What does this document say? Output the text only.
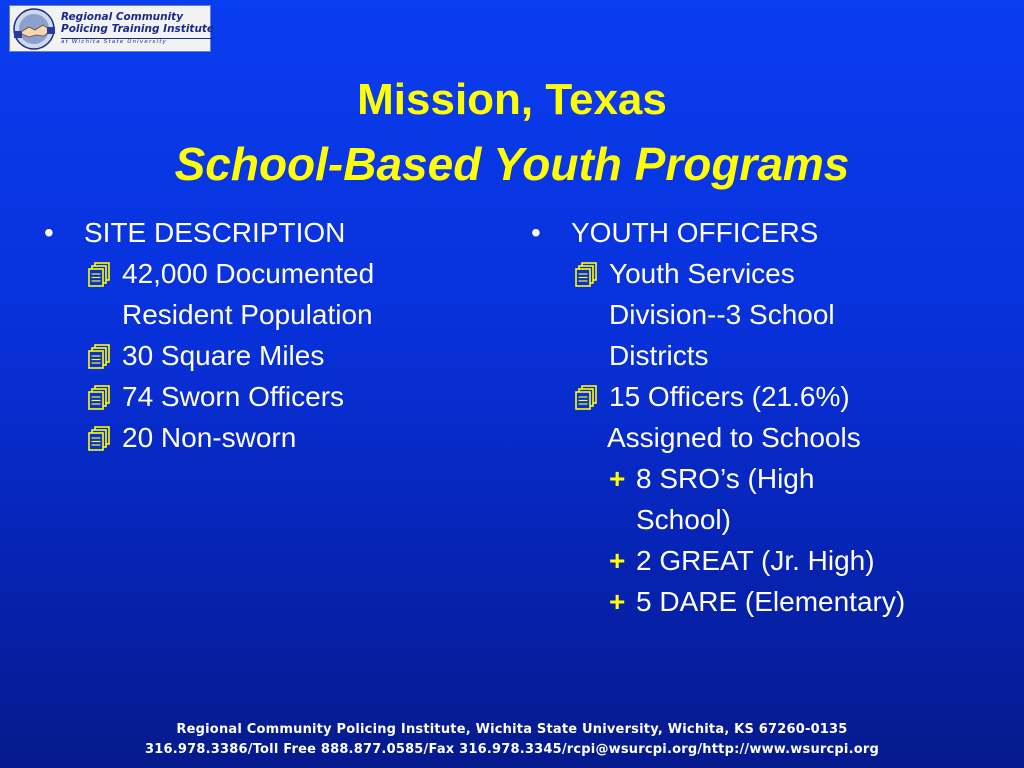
Regional Community
Policing Training Institute
at Wichita State University
Mission, Texas
School-Based Youth Programs
• SITE DESCRIPTION
42,000 Documented
Resident Population
30 Square Miles
74 Sworn Officers
20 Non-sworn
• YOUTH OFFICERS
Youth Services
Division--3 School
Districts
15 Officers (21.6%)
Assigned to Schools
+ 8 SRO’s (High
School)
+ 2 GREAT (Jr. High)
+ 5 DARE (Elementary)
Regional Community Policing Institute, Wichita State University, Wichita, KS 67260-0135
316.978.3386/Toll Free 888.877.0585/Fax 316.978.3345/rcpi@wsurcpi.org/http://www.wsurcpi.org
